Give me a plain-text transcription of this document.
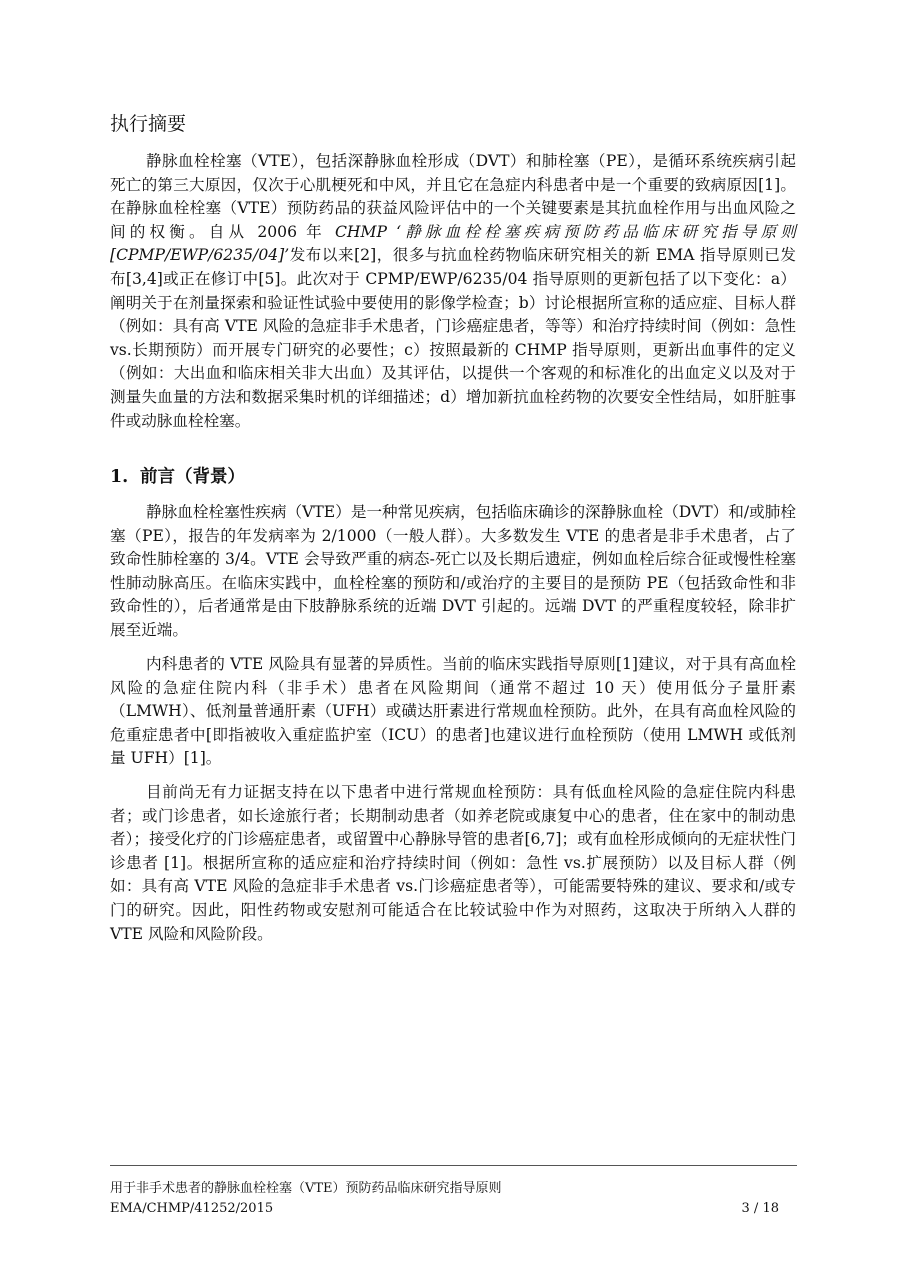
执行摘要

静脉血栓栓塞（VTE），包括深静脉血栓形成（DVT）和肺栓塞（PE），是循环系统疾病引起死亡的第三大原因，仅次于心肌梗死和中风，并且它在急症内科患者中是一个重要的致病原因[1]。在静脉血栓栓塞（VTE）预防药品的获益风险评估中的一个关键要素是其抗血栓作用与出血风险之间的权衡。自从 2006 年 CHMP ‘静脉血栓栓塞疾病预防药品临床研究指导原则[CPMP/EWP/6235/04]’发布以来[2]，很多与抗血栓药物临床研究相关的新 EMA 指导原则已发布[3,4]或正在修订中[5]。此次对于 CPMP/EWP/6235/04 指导原则的更新包括了以下变化：a）阐明关于在剂量探索和验证性试验中要使用的影像学检查；b）讨论根据所宣称的适应症、目标人群（例如：具有高 VTE 风险的急症非手术患者，门诊癌症患者，等等）和治疗持续时间（例如：急性 vs.长期预防）而开展专门研究的必要性；c）按照最新的 CHMP 指导原则，更新出血事件的定义（例如：大出血和临床相关非大出血）及其评估，以提供一个客观的和标准化的出血定义以及对于测量失血量的方法和数据采集时机的详细描述；d）增加新抗血栓药物的次要安全性结局，如肝脏事件或动脉血栓栓塞。

1. 前言（背景）

静脉血栓栓塞性疾病（VTE）是一种常见疾病，包括临床确诊的深静脉血栓（DVT）和/或肺栓塞（PE），报告的年发病率为 2/1000（一般人群）。大多数发生 VTE 的患者是非手术患者，占了致命性肺栓塞的 3/4。VTE 会导致严重的病态-死亡以及长期后遗症，例如血栓后综合征或慢性栓塞性肺动脉高压。在临床实践中，血栓栓塞的预防和/或治疗的主要目的是预防 PE（包括致命性和非致命性的），后者通常是由下肢静脉系统的近端 DVT 引起的。远端 DVT 的严重程度较轻，除非扩展至近端。

内科患者的 VTE 风险具有显著的异质性。当前的临床实践指导原则[1]建议，对于具有高血栓风险的急症住院内科（非手术）患者在风险期间（通常不超过 10 天）使用低分子量肝素（LMWH）、低剂量普通肝素（UFH）或磺达肝素进行常规血栓预防。此外，在具有高血栓风险的危重症患者中[即指被收入重症监护室（ICU）的患者]也建议进行血栓预防（使用 LMWH 或低剂量 UFH）[1]。

目前尚无有力证据支持在以下患者中进行常规血栓预防：具有低血栓风险的急症住院内科患者；或门诊患者，如长途旅行者；长期制动患者（如养老院或康复中心的患者，住在家中的制动患者）；接受化疗的门诊癌症患者，或留置中心静脉导管的患者[6,7]；或有血栓形成倾向的无症状性门诊患者 [1]。根据所宣称的适应症和治疗持续时间（例如：急性 vs.扩展预防）以及目标人群（例如：具有高 VTE 风险的急症非手术患者 vs.门诊癌症患者等），可能需要特殊的建议、要求和/或专门的研究。因此，阳性药物或安慰剂可能适合在比较试验中作为对照药，这取决于所纳入人群的 VTE 风险和风险阶段。

用于非手术患者的静脉血栓栓塞（VTE）预防药品临床研究指导原则
EMA/CHMP/41252/2015	3 / 18
